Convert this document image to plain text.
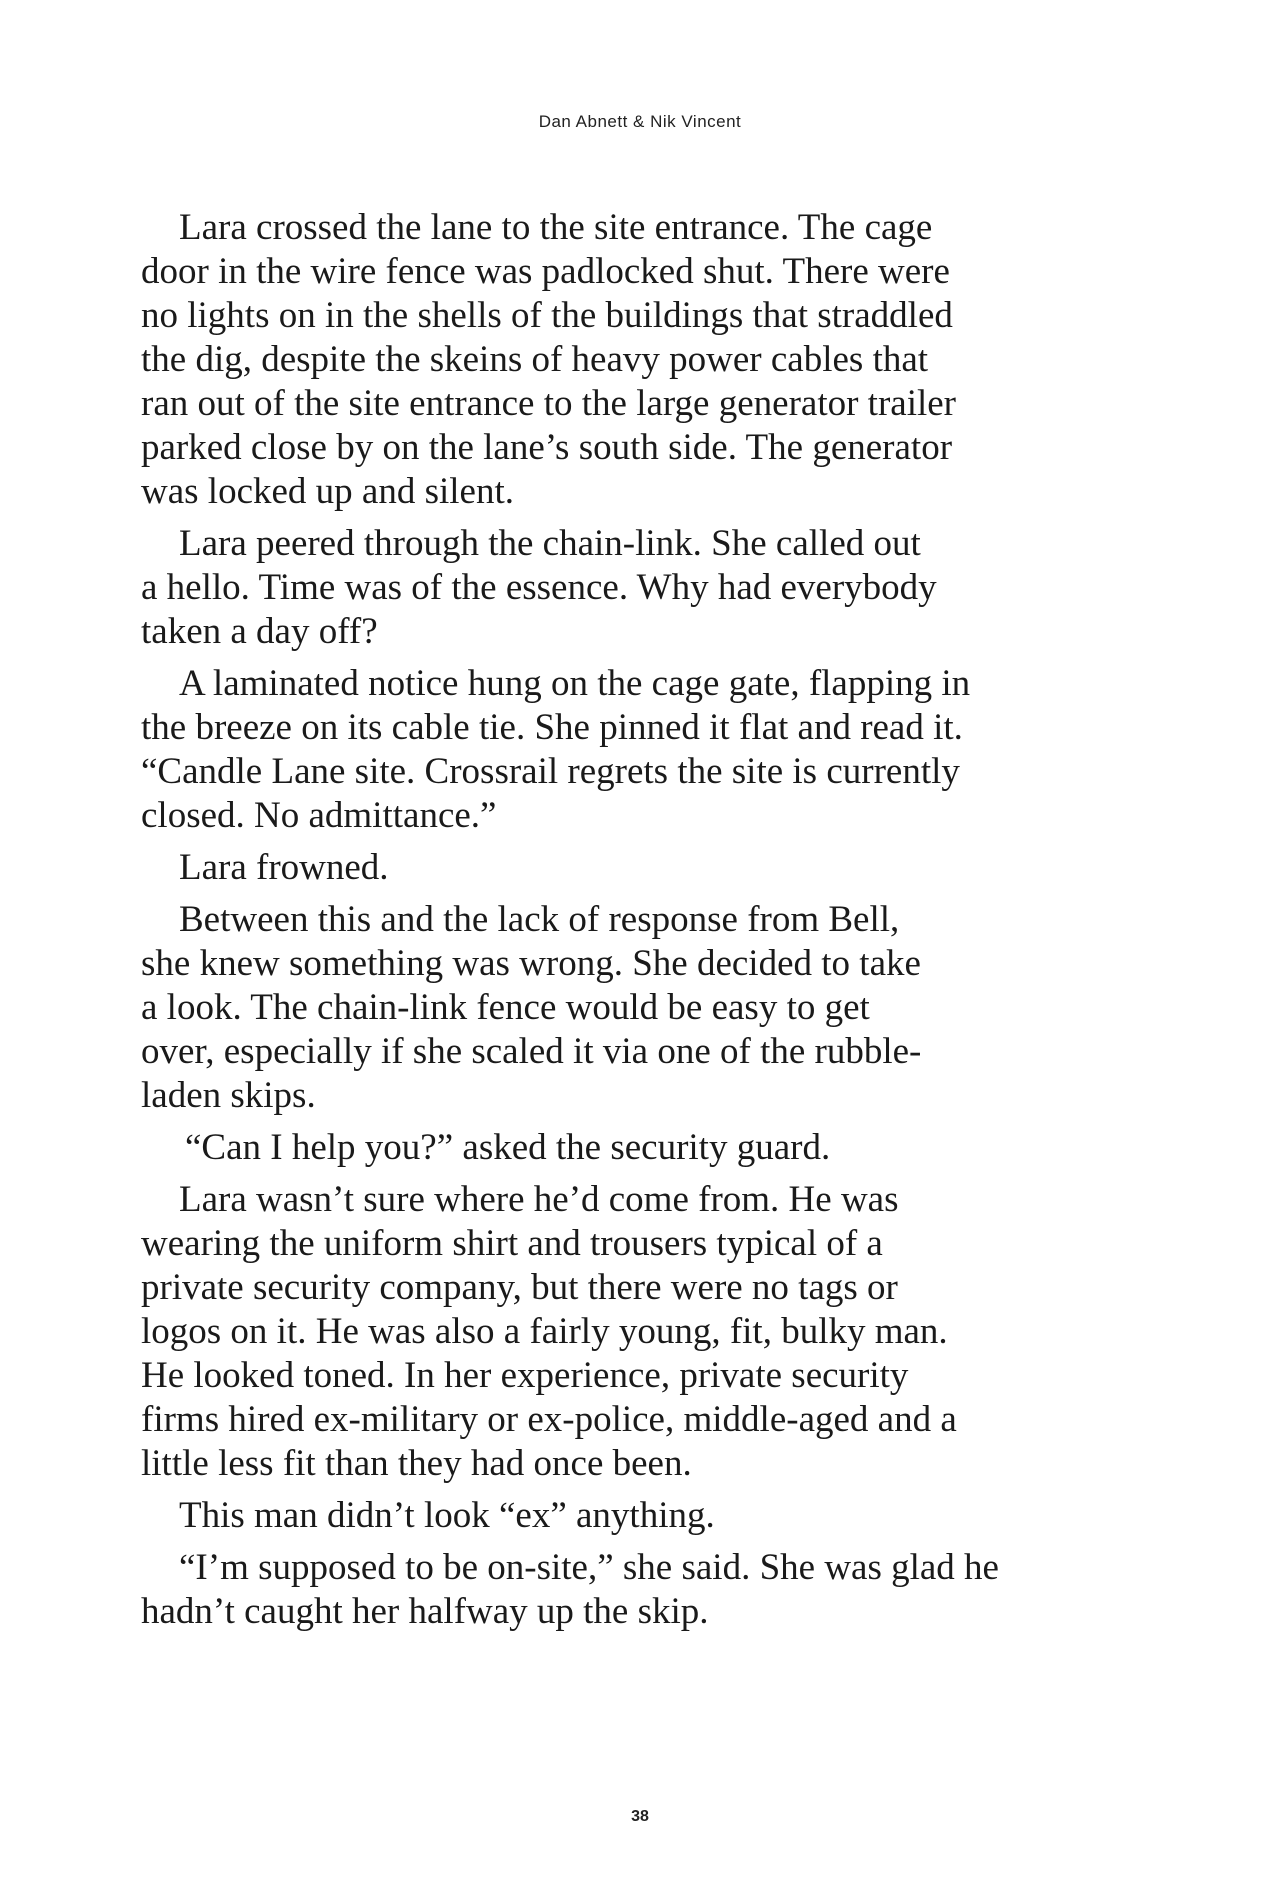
Dan Abnett & Nik Vincent

Lara crossed the lane to the site entrance. The cage
door in the wire fence was padlocked shut. There were
no lights on in the shells of the buildings that straddled
the dig, despite the skeins of heavy power cables that
ran out of the site entrance to the large generator trailer
parked close by on the lane’s south side. The generator
was locked up and silent.

Lara peered through the chain-link. She called out
a hello. Time was of the essence. Why had everybody
taken a day off?

A laminated notice hung on the cage gate, flapping in
the breeze on its cable tie. She pinned it flat and read it.
“Candle Lane site. Crossrail regrets the site is currently
closed. No admittance.”

Lara frowned.

Between this and the lack of response from Bell,
she knew something was wrong. She decided to take
a look. The chain-link fence would be easy to get
over, especially if she scaled it via one of the rubble-
laden skips.

“Can I help you?” asked the security guard.

Lara wasn’t sure where he’d come from. He was
wearing the uniform shirt and trousers typical of a
private security company, but there were no tags or
logos on it. He was also a fairly young, fit, bulky man.
He looked toned. In her experience, private security
firms hired ex-military or ex-police, middle-aged and a
little less fit than they had once been.

This man didn’t look “ex” anything.

“I’m supposed to be on-site,” she said. She was glad he
hadn’t caught her halfway up the skip.

38
